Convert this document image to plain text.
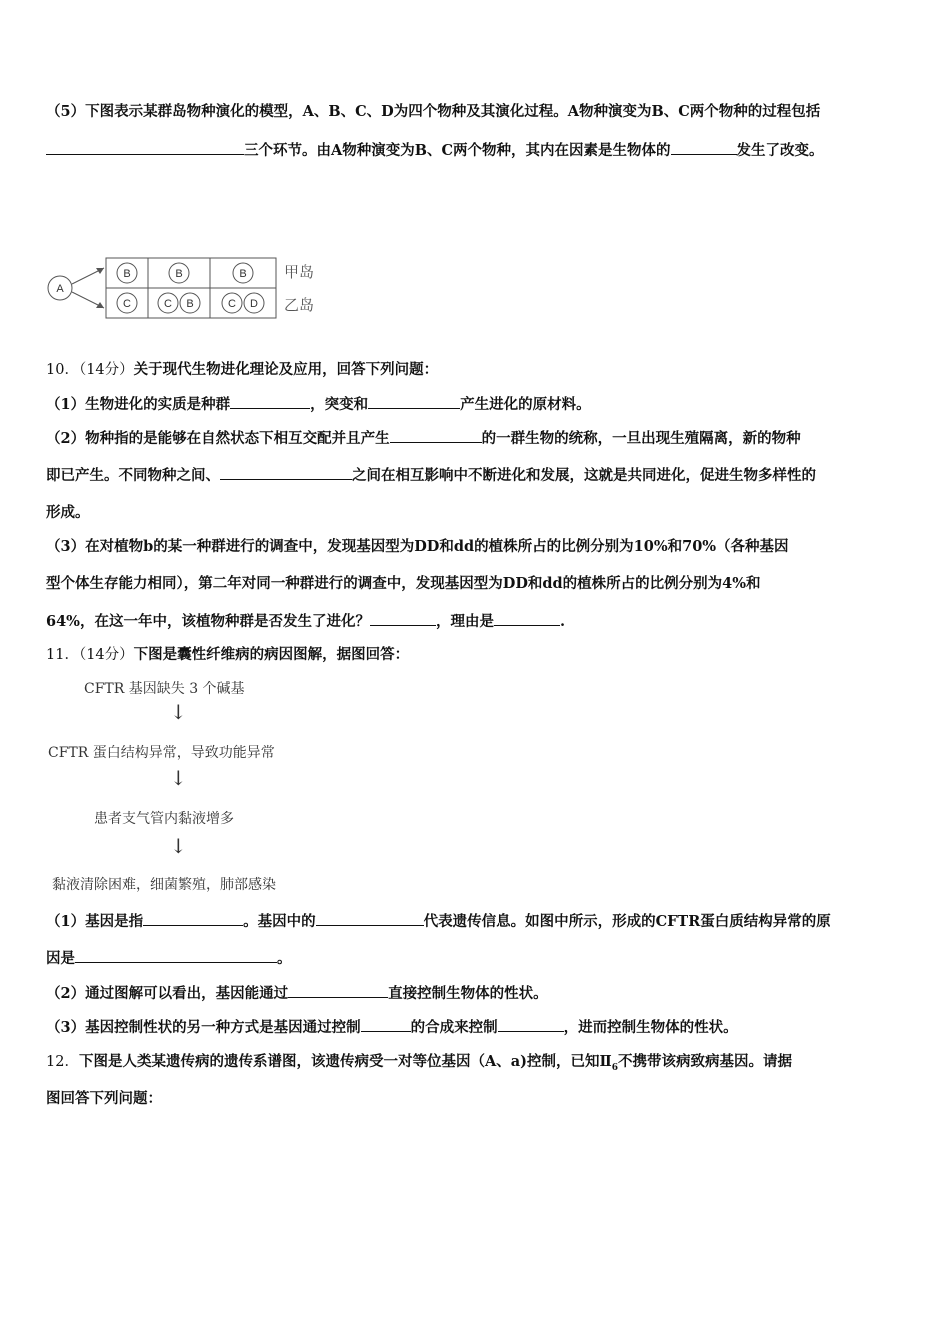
（5）下图表示某群岛物种演化的模型，A、B、C、D为四个物种及其演化过程。A物种演变为B、C两个物种的过程包括
三个环节。由A物种演变为B、C两个物种，其内在因素是生物体的	发生了改变。
A
B	B	B
C	C B	C D
甲岛
乙岛
10．（14分）关于现代生物进化理论及应用，回答下列问题：
（1）生物进化的实质是种群	，突变和	产生进化的原材料。
（2）物种指的是能够在自然状态下相互交配并且产生	的一群生物的统称，一旦出现生殖隔离，新的物种
即已产生。不同物种之间、	之间在相互影响中不断进化和发展，这就是共同进化，促进生物多样性的
形成。
（3）在对植物b的某一种群进行的调查中，发现基因型为DD和dd的植株所占的比例分别为10%和70%（各种基因
型个体生存能力相同），第二年对同一种群进行的调查中，发现基因型为DD和dd的植株所占的比例分别为4%和
64%，在这一年中，该植物种群是否发生了进化？	，理由是	.
11．（14分）下图是囊性纤维病的病因图解，据图回答：
CFTR 基因缺失 3 个碱基
↓
CFTR 蛋白结构异常，导致功能异常
↓
患者支气管内黏液增多
↓
黏液清除困难，细菌繁殖，肺部感染
（1）基因是指	。基因中的	代表遗传信息。如图中所示，形成的CFTR蛋白质结构异常的原
因是	。
（2）通过图解可以看出，基因能通过	直接控制生物体的性状。
（3）基因控制性状的另一种方式是基因通过控制	的合成来控制	，进而控制生物体的性状。
12．下图是人类某遗传病的遗传系谱图，该遗传病受一对等位基因（A、a)控制，已知$Ⅱ_6$不携带该病致病基因。请据
图回答下列问题：
